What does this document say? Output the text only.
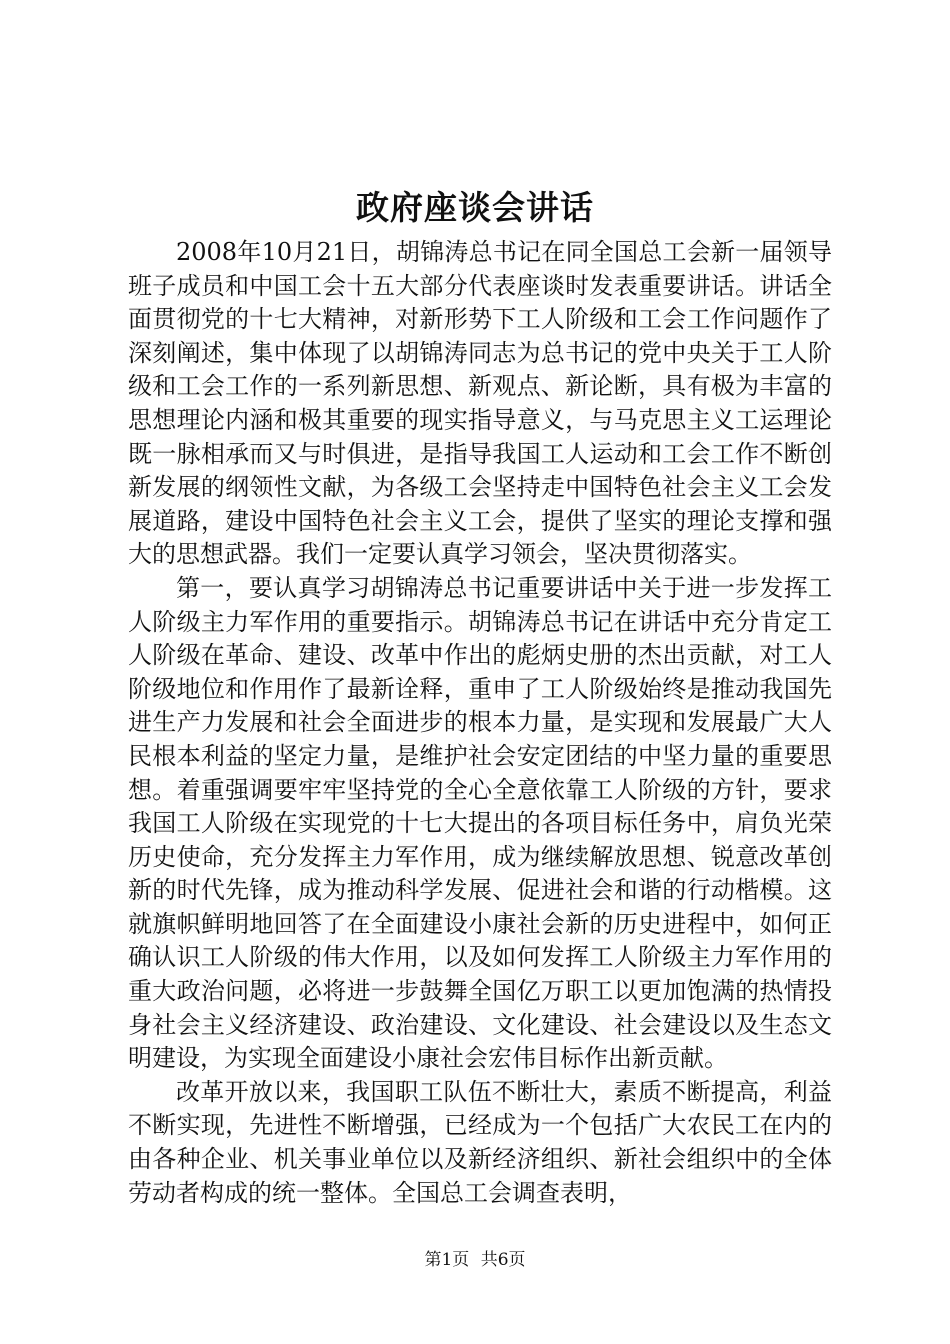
政府座谈会讲话

2008年10月21日，胡锦涛总书记在同全国总工会新一届领导班子成员和中国工会十五大部分代表座谈时发表重要讲话。讲话全面贯彻党的十七大精神，对新形势下工人阶级和工会工作问题作了深刻阐述，集中体现了以胡锦涛同志为总书记的党中央关于工人阶级和工会工作的一系列新思想、新观点、新论断，具有极为丰富的思想理论内涵和极其重要的现实指导意义，与马克思主义工运理论既一脉相承而又与时俱进，是指导我国工人运动和工会工作不断创新发展的纲领性文献，为各级工会坚持走中国特色社会主义工会发展道路，建设中国特色社会主义工会，提供了坚实的理论支撑和强大的思想武器。我们一定要认真学习领会，坚决贯彻落实。

第一，要认真学习胡锦涛总书记重要讲话中关于进一步发挥工人阶级主力军作用的重要指示。胡锦涛总书记在讲话中充分肯定工人阶级在革命、建设、改革中作出的彪炳史册的杰出贡献，对工人阶级地位和作用作了最新诠释，重申了工人阶级始终是推动我国先进生产力发展和社会全面进步的根本力量，是实现和发展最广大人民根本利益的坚定力量，是维护社会安定团结的中坚力量的重要思想。着重强调要牢牢坚持党的全心全意依靠工人阶级的方针，要求我国工人阶级在实现党的十七大提出的各项目标任务中，肩负光荣历史使命，充分发挥主力军作用，成为继续解放思想、锐意改革创新的时代先锋，成为推动科学发展、促进社会和谐的行动楷模。这就旗帜鲜明地回答了在全面建设小康社会新的历史进程中，如何正确认识工人阶级的伟大作用，以及如何发挥工人阶级主力军作用的重大政治问题，必将进一步鼓舞全国亿万职工以更加饱满的热情投身社会主义经济建设、政治建设、文化建设、社会建设以及生态文明建设，为实现全面建设小康社会宏伟目标作出新贡献。

改革开放以来，我国职工队伍不断壮大，素质不断提高，利益不断实现，先进性不断增强，已经成为一个包括广大农民工在内的由各种企业、机关事业单位以及新经济组织、新社会组织中的全体劳动者构成的统一整体。全国总工会调查表明，

第1页 共6页
